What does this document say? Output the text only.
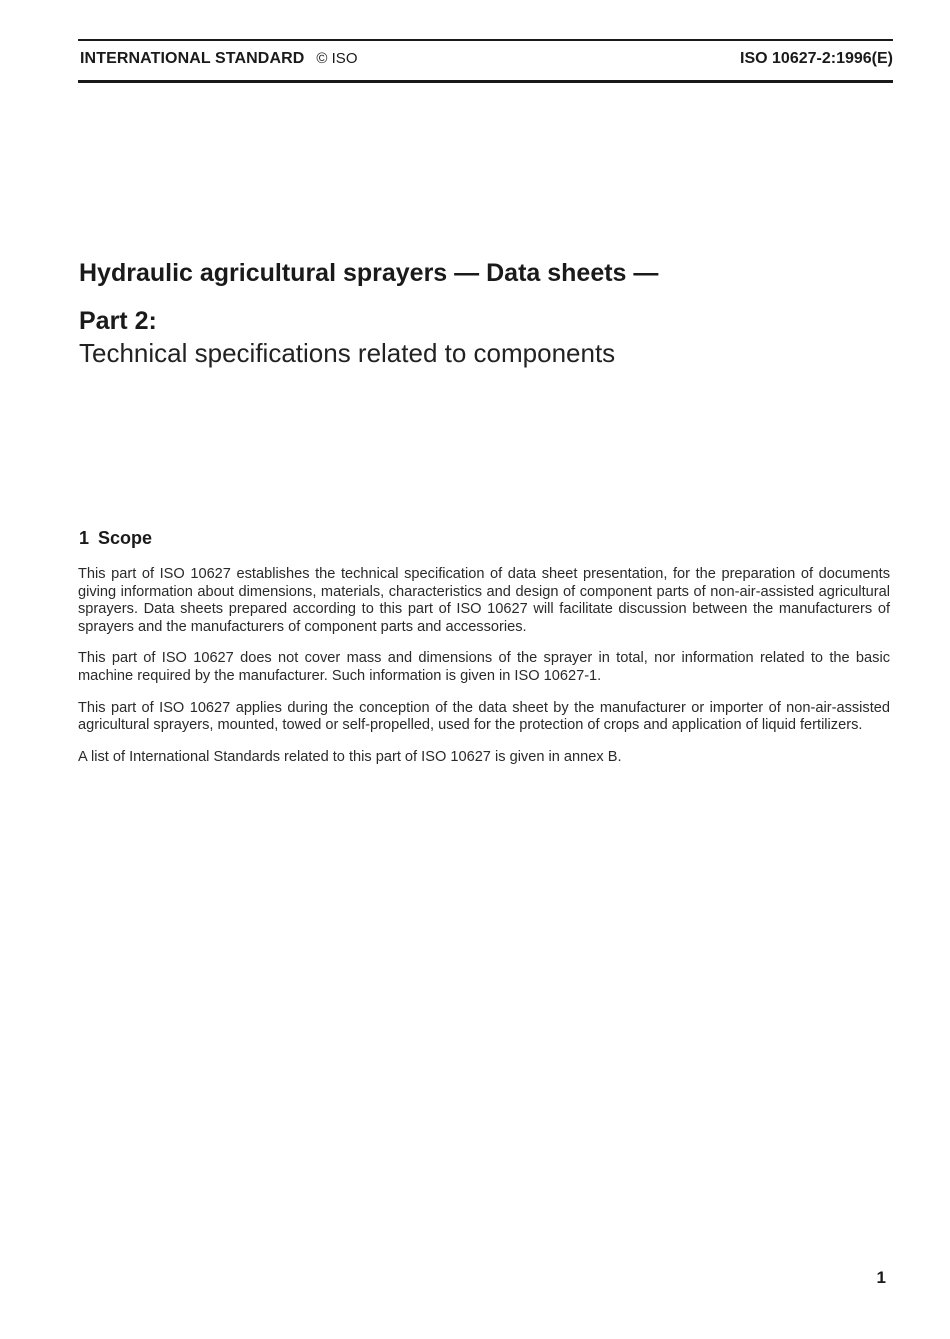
INTERNATIONAL STANDARD © ISO	ISO 10627-2:1996(E)
Hydraulic agricultural sprayers — Data sheets —
Part 2:
Technical specifications related to components
1 Scope

This part of ISO 10627 establishes the technical specification of data sheet presentation, for the preparation of documents giving information about dimensions, materials, characteristics and design of component parts of non-air-assisted agricultural sprayers. Data sheets prepared according to this part of ISO 10627 will facilitate discussion between the manufacturers of sprayers and the manufacturers of component parts and accessories.

This part of ISO 10627 does not cover mass and dimensions of the sprayer in total, nor information related to the basic machine required by the manufacturer. Such information is given in ISO 10627-1.

This part of ISO 10627 applies during the conception of the data sheet by the manufacturer or importer of non-air-assisted agricultural sprayers, mounted, towed or self-propelled, used for the protection of crops and application of liquid fertilizers.

A list of International Standards related to this part of ISO 10627 is given in annex B.

1
